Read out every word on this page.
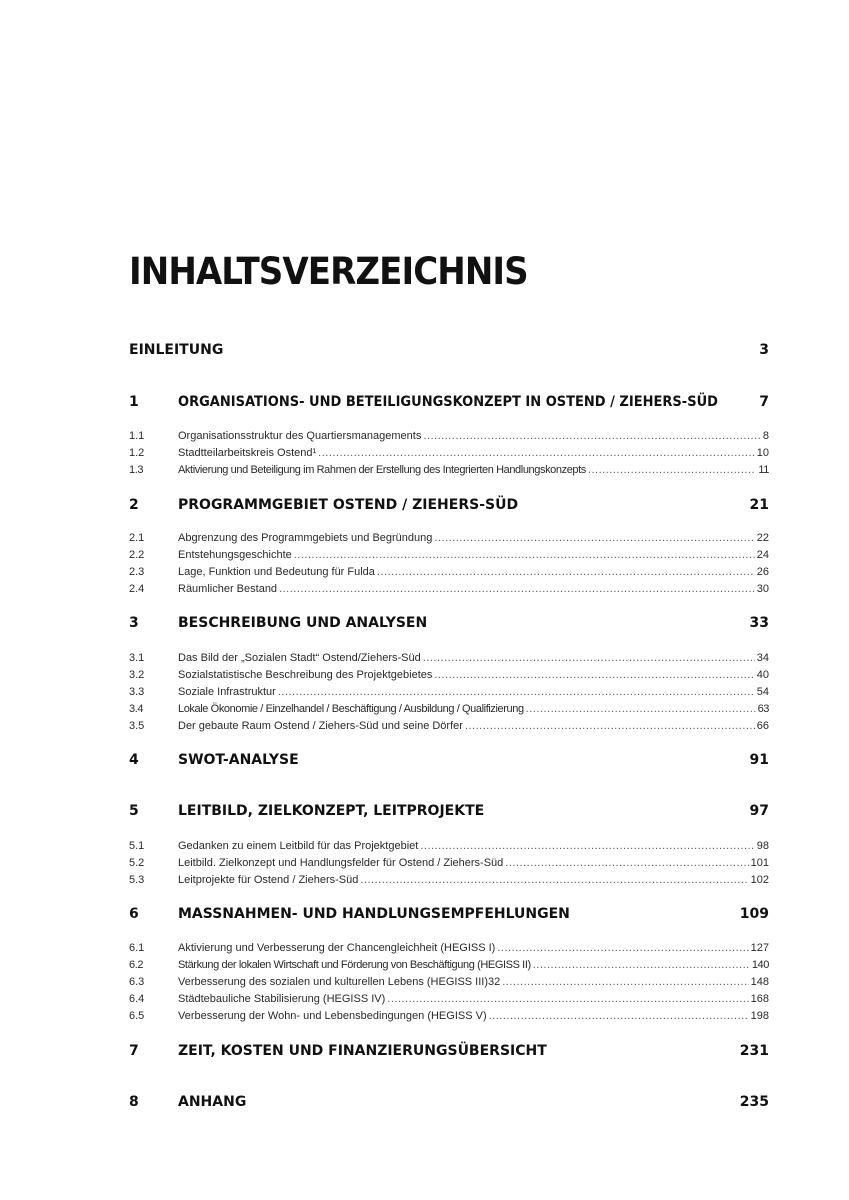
INHALTSVERZEICHNIS
EINLEITUNG	3
1	ORGANISATIONS- UND BETEILIGUNGSKONZEPT IN OSTEND / ZIEHERS-SÜD	7
1.1	Organisationsstruktur des Quartiersmanagements .....	8
1.2	Stadtteilarbeitskreis Ostend¹ .....	10
1.3	Aktivierung und Beteiligung im Rahmen der Erstellung des Integrierten Handlungskonzepts .....	11
2	PROGRAMMGEBIET OSTEND / ZIEHERS-SÜD	21
2.1	Abgrenzung des Programmgebiets und Begründung .....	22
2.2	Entstehungsgeschichte .....	24
2.3	Lage, Funktion und Bedeutung für Fulda .....	26
2.4	Räumlicher Bestand .....	30
3	BESCHREIBUNG UND ANALYSEN	33
3.1	Das Bild der „Sozialen Stadt“ Ostend/Ziehers-Süd .....	34
3.2	Sozialstatistische Beschreibung des Projektgebietes .....	40
3.3	Soziale Infrastruktur .....	54
3.4	Lokale Ökonomie / Einzelhandel / Beschäftigung / Ausbildung / Qualifizierung .....	63
3.5	Der gebaute Raum Ostend / Ziehers-Süd und seine Dörfer .....	66
4	SWOT-ANALYSE	91
5	LEITBILD, ZIELKONZEPT, LEITPROJEKTE	97
5.1	Gedanken zu einem Leitbild für das Projektgebiet .....	98
5.2	Leitbild. Zielkonzept und Handlungsfelder für Ostend / Ziehers-Süd .....	101
5.3	Leitprojekte für Ostend / Ziehers-Süd .....	102
6	MASSNAHMEN- UND HANDLUNGSEMPFEHLUNGEN	109
6.1	Aktivierung und Verbesserung der Chancengleichheit (HEGISS I) .....	127
6.2	Stärkung der lokalen Wirtschaft und Förderung von Beschäftigung (HEGISS II) .....	140
6.3	Verbesserung des sozialen und kulturellen Lebens (HEGISS III)32 .....	148
6.4	Städtebauliche Stabilisierung (HEGISS IV) .....	168
6.5	Verbesserung der Wohn- und Lebensbedingungen (HEGISS V) .....	198
7	ZEIT, KOSTEN UND FINANZIERUNGSÜBERSICHT	231
8	ANHANG	235
